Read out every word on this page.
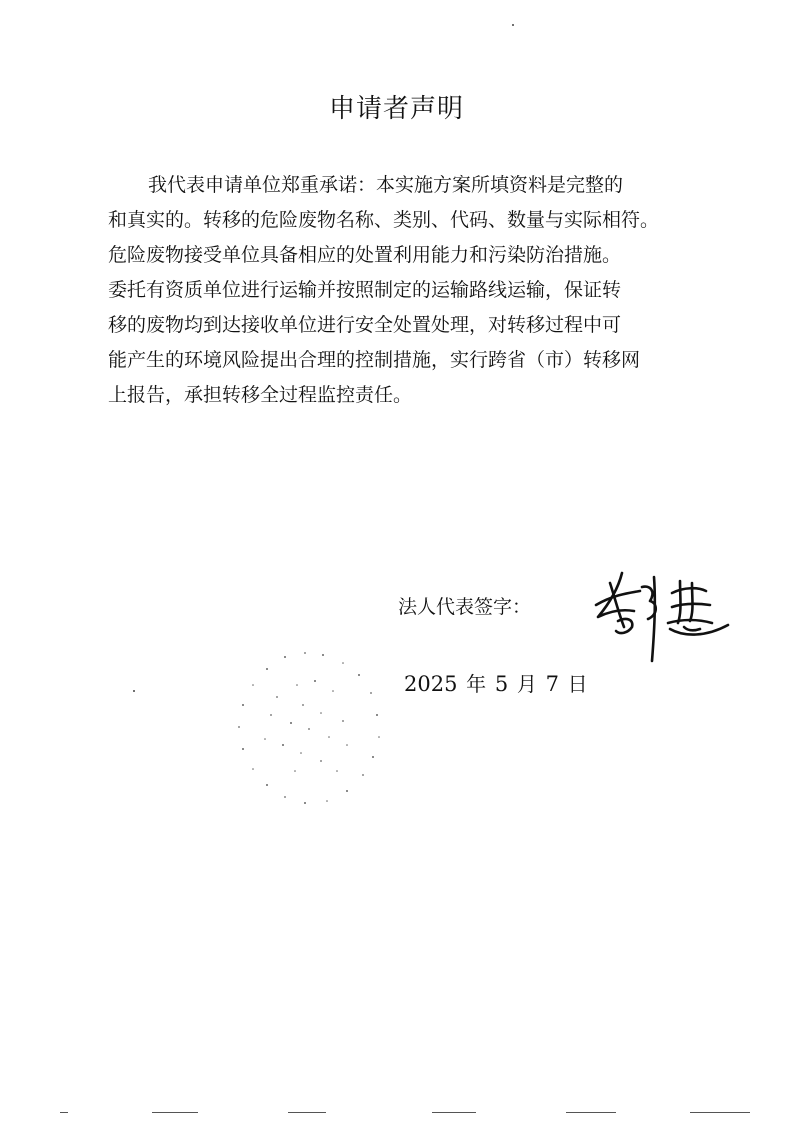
申请者声明
我代表申请单位郑重承诺：本实施方案所填资料是完整的
和真实的。转移的危险废物名称、类别、代码、数量与实际相符。
危险废物接受单位具备相应的处置利用能力和污染防治措施。
委托有资质单位进行运输并按照制定的运输路线运输，保证转
移的废物均到达接收单位进行安全处置处理，对转移过程中可
能产生的环境风险提出合理的控制措施，实行跨省（市）转移网
上报告，承担转移全过程监控责任。
法人代表签字：
2025 年 5 月 7 日
